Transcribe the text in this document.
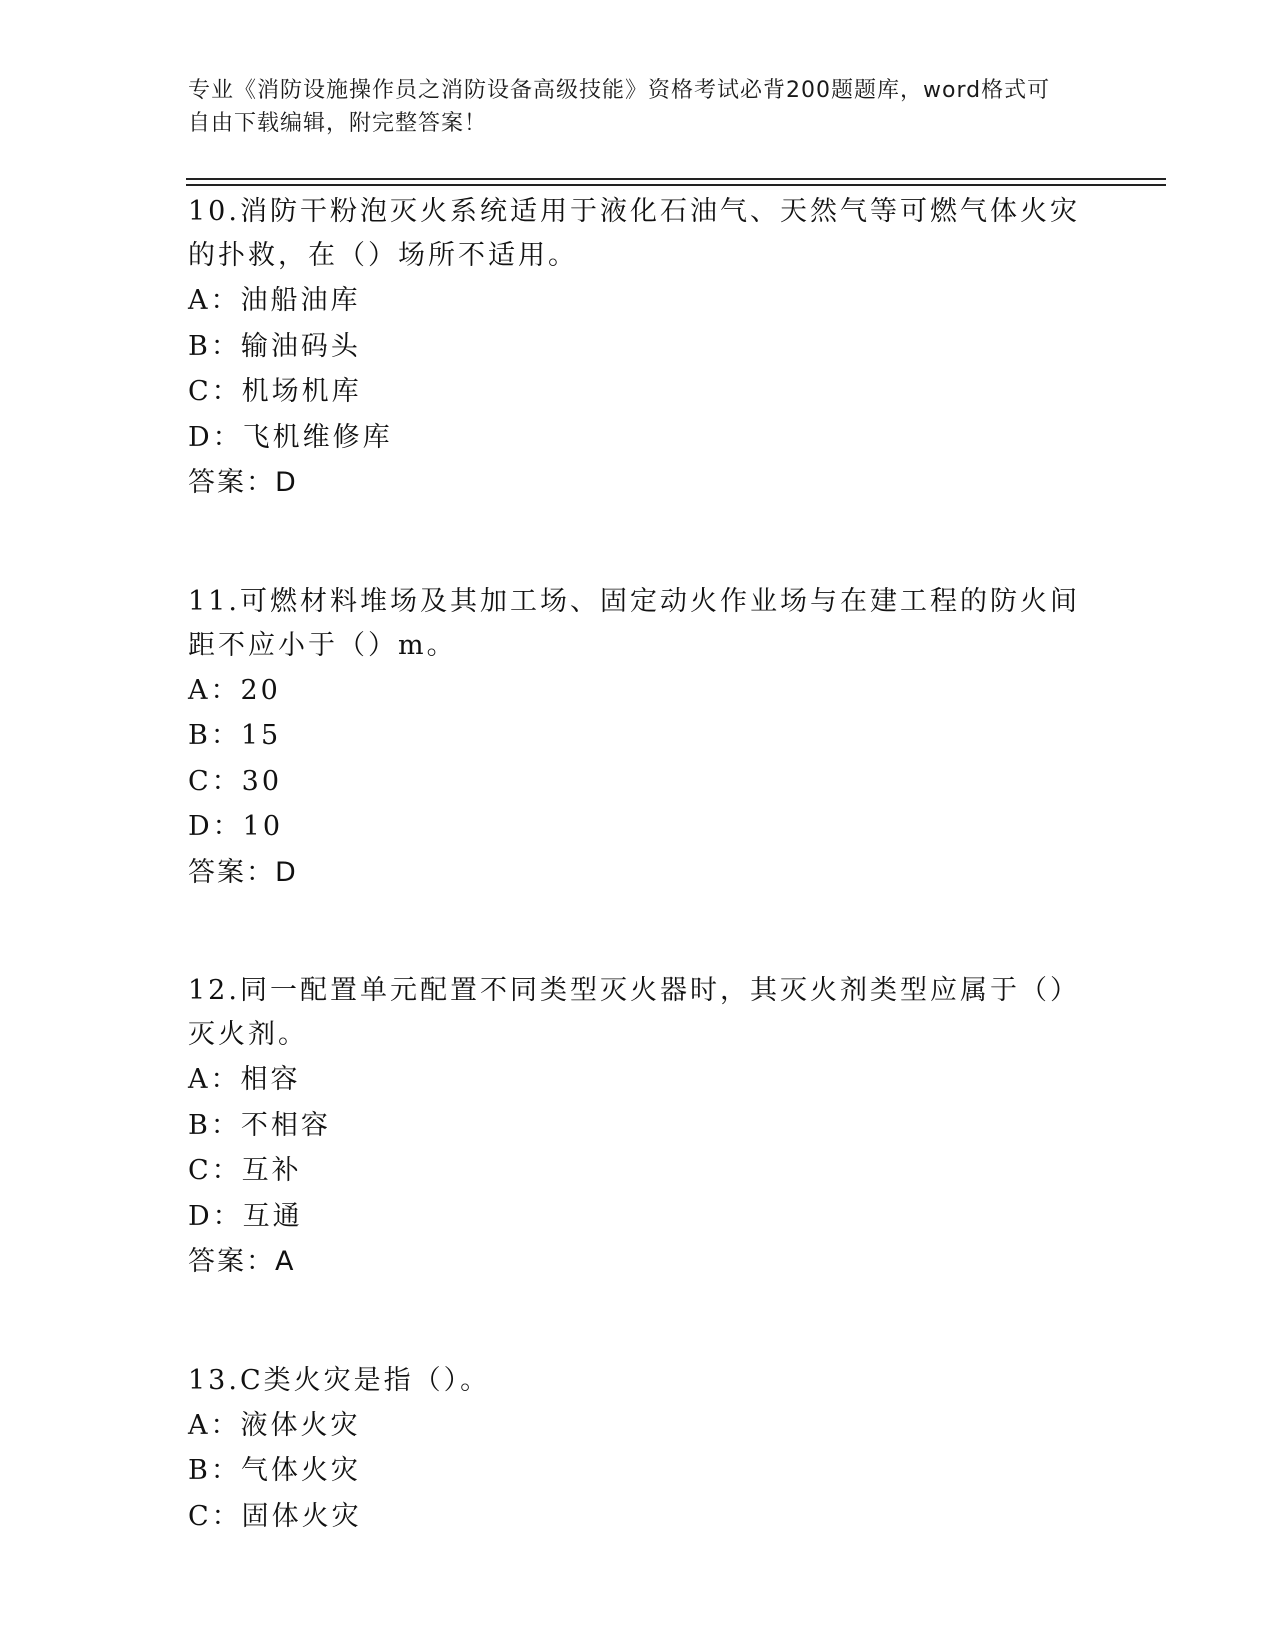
专业《消防设施操作员之消防设备高级技能》资格考试必背200题题库，word格式可自由下载编辑，附完整答案！

10.消防干粉泡灭火系统适用于液化石油气、天然气等可燃气体火灾的扑救，在（）场所不适用。

A：油船油库

B：输油码头

C：机场机库

D：飞机维修库

答案：D

11.可燃材料堆场及其加工场、固定动火作业场与在建工程的防火间距不应小于（）m。

A：20

B：15

C：30

D：10

答案：D

12.同一配置单元配置不同类型灭火器时，其灭火剂类型应属于（）灭火剂。

A：相容

B：不相容

C：互补

D：互通

答案：A

13.C类火灾是指（）。

A：液体火灾

B：气体火灾

C：固体火灾
